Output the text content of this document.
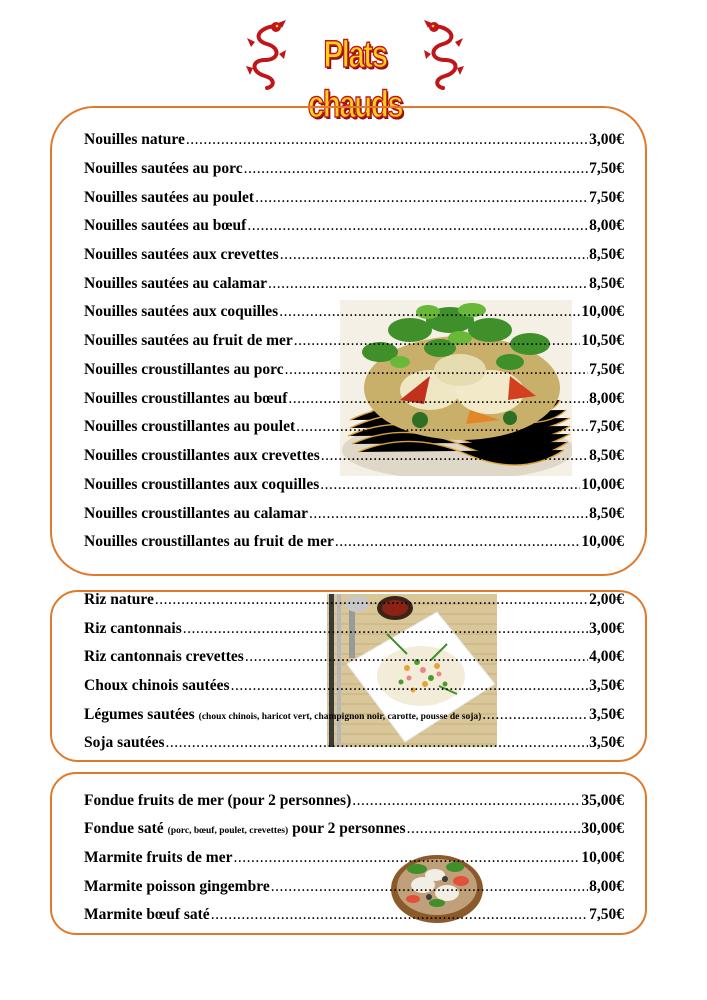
Plats chauds
Nouilles nature .....	3,00€
Nouilles sautées au porc .....	7,50€
Nouilles sautées au poulet .....	7,50€
Nouilles sautées au bœuf .....	8,00€
Nouilles sautées aux crevettes .....	8,50€
Nouilles sautées au calamar .....	8,50€
Nouilles sautées aux coquilles .....	10,00€
Nouilles sautées au fruit de mer .....	10,50€
Nouilles croustillantes au porc .....	7,50€
Nouilles croustillantes au bœuf .....	8,00€
Nouilles croustillantes au poulet .....	7,50€
Nouilles croustillantes aux crevettes .....	8,50€
Nouilles croustillantes aux coquilles .....	10,00€
Nouilles croustillantes au calamar .....	8,50€
Nouilles croustillantes au fruit de mer .....	10,00€
Riz nature .....	2,00€
Riz cantonnais .....	3,00€
Riz cantonnais crevettes .....	4,00€
Choux chinois sautées .....	3,50€
Légumes sautées (choux chinois, haricot vert, champignon noir, carotte, pousse de soja) .....	3,50€
Soja sautées .....	3,50€
Fondue fruits de mer (pour 2 personnes) .....	35,00€
Fondue saté (porc, bœuf, poulet, crevettes) pour 2 personnes .....	30,00€
Marmite fruits de mer .....	10,00€
Marmite poisson gingembre .....	8,00€
Marmite bœuf saté .....	7,50€
